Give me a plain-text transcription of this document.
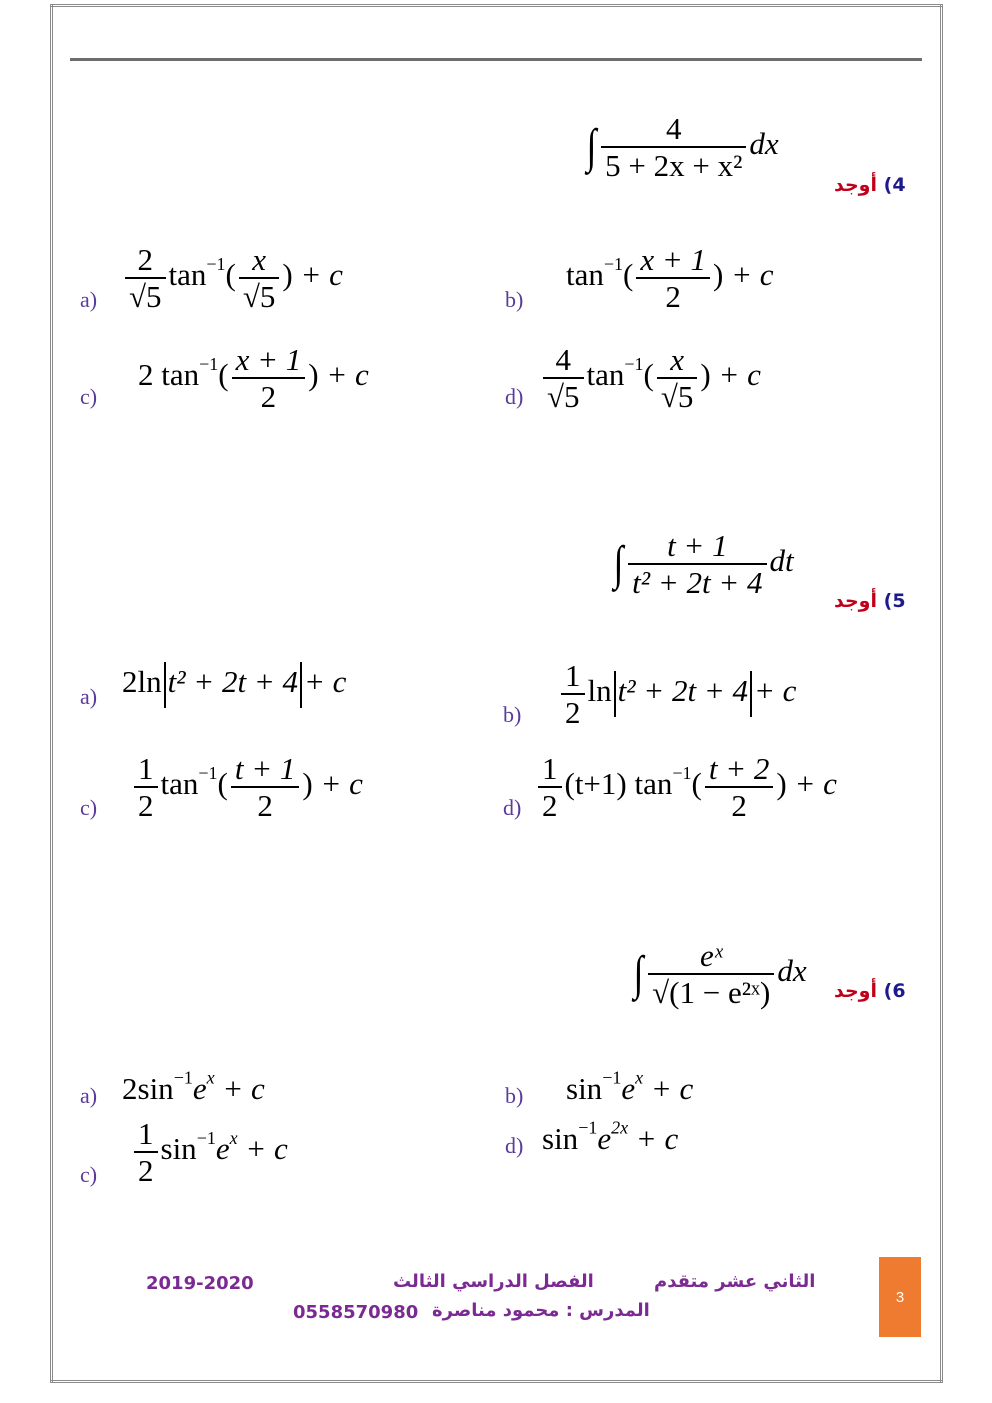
∫ $\frac{4}{\text{5 + 2x + x²}}$ dx
4) أوجد
$a) \frac{2}{√5} \tan^{-1}( \frac{x}{√5}$ ) + c
b)
$\tan^{-1}( \frac{x + 1}{2}$ ) + c
c)
2 $\tan^{-1}( \frac{x + 1}{2}$ ) + c
$d) \frac{4}{√5} \tan^{-1}( \frac{x}{√5}$ ) + c
∫ $\frac{t + 1}{\text{t² + 2t + 4}}$ dt
5) أوجد
a) 2ln t² + 2t + 4 + c
$b) \frac{1}{2}$ ln t² + 2t + 4 + c
$c) \frac{1}{2} \tan^{-1}( \frac{t + 1}{2}$ ) + c
$d) \frac{1}{2} (t+1)$ $\tan^{-1}( \frac{t + 2}{2}$ ) + c
∫ $\frac{\text{eˣ}}{\text{√(1 − e²ˣ)}}$ dx
6) أوجد
a) $2\sin^{-1}e^x + c$	b) $\sin^{-1}e^x + c$
$c) \frac{1}{2} \sin^{-1}e^x + c$	d) $\sin^{-1}e^{2x} + c$
الثاني عشر متقدم
الفصل الدراسي الثالث
2019-2020
المدرس : محمود مناصرة
0558570980
3
